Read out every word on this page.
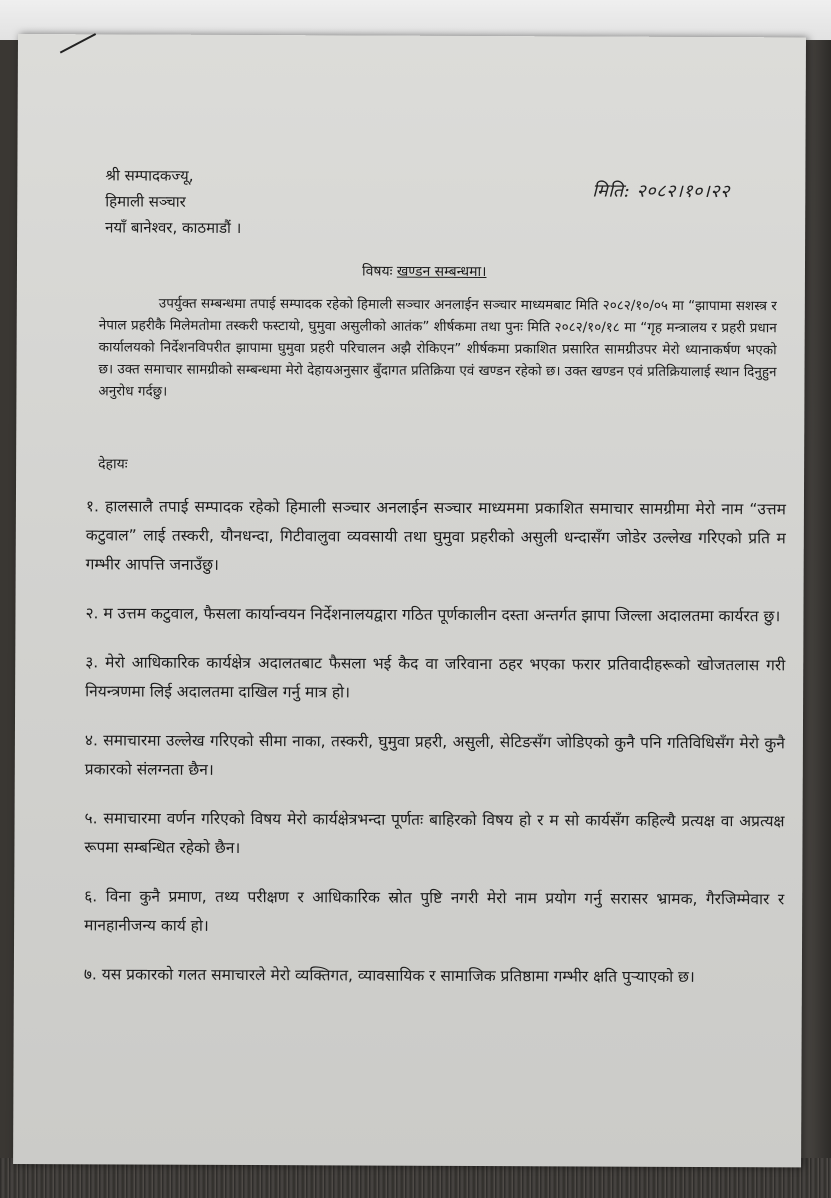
श्री सम्पादकज्यू,
हिमाली सञ्चार
नयाँ बानेश्वर, काठमाडौं ।
मिति: २०८२।१०।२२
विषयः खण्डन सम्बन्धमा।
उपर्युक्त सम्बन्धमा तपाई सम्पादक रहेको हिमाली सञ्चार अनलाईन सञ्चार माध्यमबाट मिति २०८२/१०/०५ मा “झापामा सशस्त्र र नेपाल प्रहरीकै मिलेमतोमा तस्करी फस्टायो, घुमुवा असुलीको आतंक” शीर्षकमा तथा पुनः मिति २०८२/१०/१८ मा “गृह मन्त्रालय र प्रहरी प्रधान कार्यालयको निर्देशनविपरीत झापामा घुमुवा प्रहरी परिचालन अझै रोकिएन” शीर्षकमा प्रकाशित प्रसारित सामग्रीउपर मेरो ध्यानाकर्षण भएको छ। उक्त समाचार सामग्रीको सम्बन्धमा मेरो देहायअनुसार बुँदागत प्रतिक्रिया एवं खण्डन रहेको छ। उक्त खण्डन एवं प्रतिक्रियालाई स्थान दिनुहुन अनुरोध गर्दछु।
देहायः
१. हालसालै तपाई सम्पादक रहेको हिमाली सञ्चार अनलाईन सञ्चार माध्यममा प्रकाशित समाचार सामग्रीमा मेरो नाम “उत्तम कटुवाल” लाई तस्करी, यौनधन्दा, गिटीवालुवा व्यवसायी तथा घुमुवा प्रहरीको असुली धन्दासँग जोडेर उल्लेख गरिएको प्रति म गम्भीर आपत्ति जनाउँछु।
२. म उत्तम कटुवाल, फैसला कार्यान्वयन निर्देशनालयद्वारा गठित पूर्णकालीन दस्ता अन्तर्गत झापा जिल्ला अदालतमा कार्यरत छु।
३. मेरो आधिकारिक कार्यक्षेत्र अदालतबाट फैसला भई कैद वा जरिवाना ठहर भएका फरार प्रतिवादीहरूको खोजतलास गरी नियन्त्रणमा लिई अदालतमा दाखिल गर्नु मात्र हो।
४. समाचारमा उल्लेख गरिएको सीमा नाका, तस्करी, घुमुवा प्रहरी, असुली, सेटिङसँग जोडिएको कुनै पनि गतिविधिसँग मेरो कुनै प्रकारको संलग्नता छैन।
५. समाचारमा वर्णन गरिएको विषय मेरो कार्यक्षेत्रभन्दा पूर्णतः बाहिरको विषय हो र म सो कार्यसँग कहिल्यै प्रत्यक्ष वा अप्रत्यक्ष रूपमा सम्बन्धित रहेको छैन।
६. विना कुनै प्रमाण, तथ्य परीक्षण र आधिकारिक स्रोत पुष्टि नगरी मेरो नाम प्रयोग गर्नु सरासर भ्रामक, गैरजिम्मेवार र मानहानीजन्य कार्य हो।
७. यस प्रकारको गलत समाचारले मेरो व्यक्तिगत, व्यावसायिक र सामाजिक प्रतिष्ठामा गम्भीर क्षति पुर्‍याएको छ।
